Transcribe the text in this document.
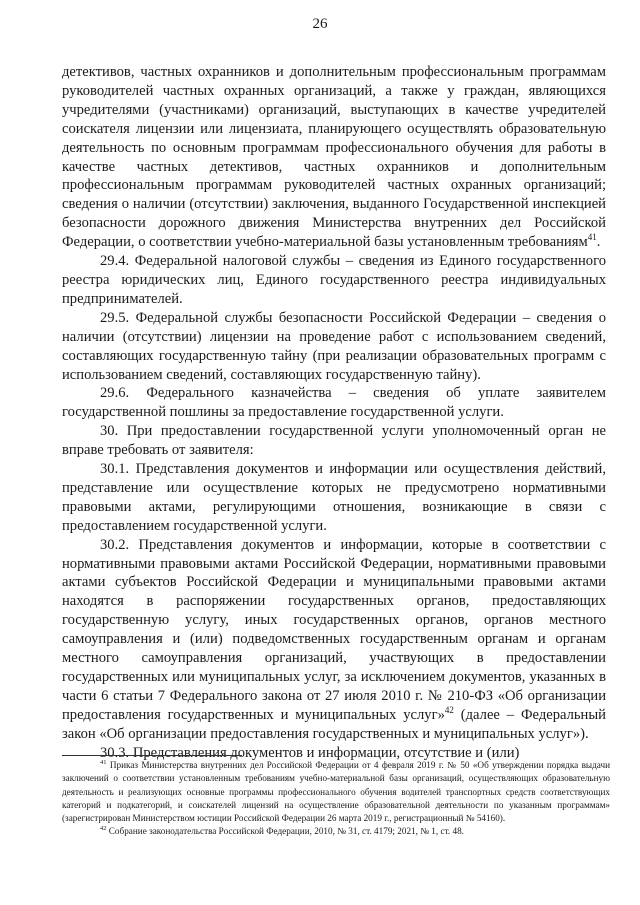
26

детективов, частных охранников и дополнительным профессиональным программам руководителей частных охранных организаций, а также у граждан, являющихся учредителями (участниками) организаций, выступающих в качестве учредителей соискателя лицензии или лицензиата, планирующего осуществлять образовательную деятельность по основным программам профессионального обучения для работы в качестве частных детективов, частных охранников и дополнительным профессиональным программам руководителей частных охранных организаций; сведения о наличии (отсутствии) заключения, выданного Государственной инспекцией безопасности дорожного движения Министерства внутренних дел Российской Федерации, о соответствии учебно-материальной базы установленным требованиям$^{41}$.

29.4. Федеральной налоговой службы – сведения из Единого государственного реестра юридических лиц, Единого государственного реестра индивидуальных предпринимателей.

29.5. Федеральной службы безопасности Российской Федерации – сведения о наличии (отсутствии) лицензии на проведение работ с использованием сведений, составляющих государственную тайну (при реализации образовательных программ с использованием сведений, составляющих государственную тайну).

29.6. Федерального казначейства – сведения об уплате заявителем государственной пошлины за предоставление государственной услуги.

30. При предоставлении государственной услуги уполномоченный орган не вправе требовать от заявителя:

30.1. Представления документов и информации или осуществления действий, представление или осуществление которых не предусмотрено нормативными правовыми актами, регулирующими отношения, возникающие в связи с предоставлением государственной услуги.

30.2. Представления документов и информации, которые в соответствии с нормативными правовыми актами Российской Федерации, нормативными правовыми актами субъектов Российской Федерации и муниципальными правовыми актами находятся в распоряжении государственных органов, предоставляющих государственную услугу, иных государственных органов, органов местного самоуправления и (или) подведомственных государственным органам и органам местного самоуправления организаций, участвующих в предоставлении государственных или муниципальных услуг, за исключением документов, указанных в части 6 статьи 7 Федерального закона от 27 июля 2010 г. № 210-ФЗ «Об организации предоставления государственных и муниципальных услуг»$^{42}$ (далее – Федеральный закон «Об организации предоставления государственных и муниципальных услуг»).

30.3. Представления документов и информации, отсутствие и (или)

$^{41}$ Приказ Министерства внутренних дел Российской Федерации от 4 февраля 2019 г. № 50 «Об утверждении порядка выдачи заключений о соответствии установленным требованиям учебно-материальной базы организаций, осуществляющих образовательную деятельность и реализующих основные программы профессионального обучения водителей транспортных средств соответствующих категорий и подкатегорий, и соискателей лицензий на осуществление образовательной деятельности по указанным программам» (зарегистрирован Министерством юстиции Российской Федерации 26 марта 2019 г., регистрационный № 54160).

$^{42}$ Собрание законодательства Российской Федерации, 2010, № 31, ст. 4179; 2021, № 1, ст. 48.
